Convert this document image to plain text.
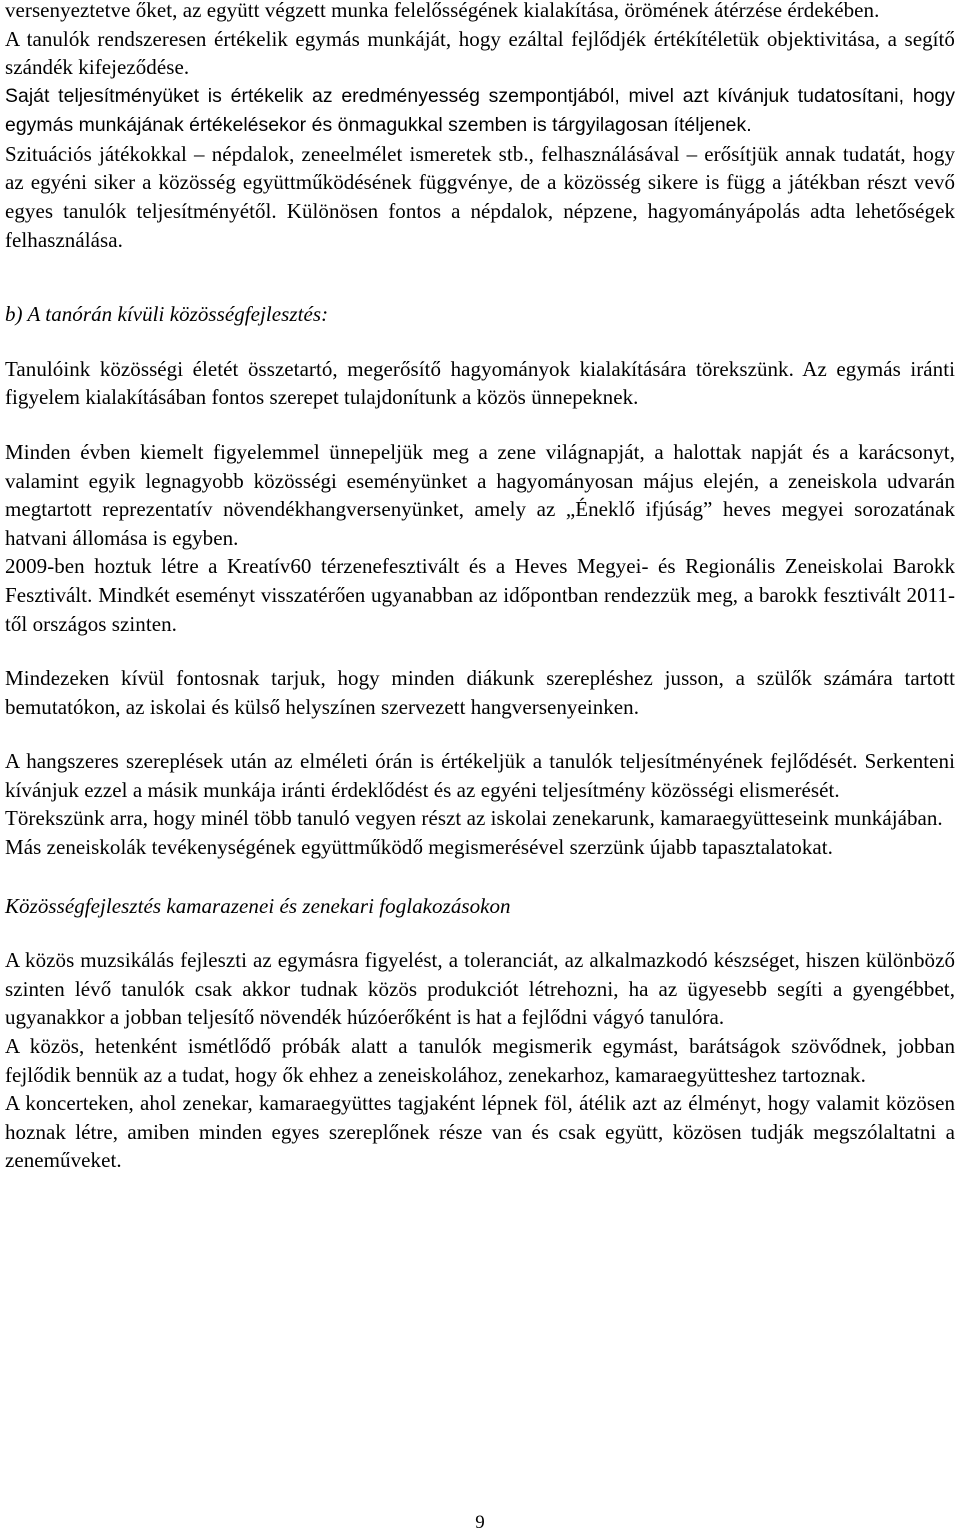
versenyeztetve őket, az együtt végzett munka felelősségének kialakítása, örömének átérzése érdekében.

A tanulók rendszeresen értékelik egymás munkáját, hogy ezáltal fejlődjék értékítéletük objektivitása, a segítő szándék kifejeződése.

Saját teljesítményüket is értékelik az eredményesség szempontjából, mivel azt kívánjuk tudatosítani, hogy egymás munkájának értékelésekor és önmagukkal szemben is tárgyilagosan ítéljenek.

Szituációs játékokkal – népdalok, zeneelmélet ismeretek stb., felhasználásával – erősítjük annak tudatát, hogy az egyéni siker a közösség együttműködésének függvénye, de a közösség sikere is függ a játékban részt vevő egyes tanulók teljesítményétől. Különösen fontos a népdalok, népzene, hagyományápolás adta lehetőségek felhasználása.

b) A tanórán kívüli közösségfejlesztés:

Tanulóink közösségi életét összetartó, megerősítő hagyományok kialakítására törekszünk. Az egymás iránti figyelem kialakításában fontos szerepet tulajdonítunk a közös ünnepeknek.

Minden évben kiemelt figyelemmel ünnepeljük meg a zene világnapját, a halottak napját és a karácsonyt, valamint egyik legnagyobb közösségi eseményünket a hagyományosan május elején, a zeneiskola udvarán megtartott reprezentatív növendékhangversenyünket, amely az „Éneklő ifjúság” heves megyei sorozatának hatvani állomása is egyben.

2009-ben hoztuk létre a Kreatív60 térzenefesztivált és a Heves Megyei- és Regionális Zeneiskolai Barokk Fesztivált. Mindkét eseményt visszatérően ugyanabban az időpontban rendezzük meg, a barokk fesztivált 2011-től országos szinten.

Mindezeken kívül fontosnak tarjuk, hogy minden diákunk szerepléshez jusson, a szülők számára tartott bemutatókon, az iskolai és külső helyszínen szervezett hangversenyeinken.

A hangszeres szereplések után az elméleti órán is értékeljük a tanulók teljesítményének fejlődését. Serkenteni kívánjuk ezzel a másik munkája iránti érdeklődést és az egyéni teljesítmény közösségi elismerését.

Törekszünk arra, hogy minél több tanuló vegyen részt az iskolai zenekarunk, kamaraegyütteseink munkájában.

Más zeneiskolák tevékenységének együttműködő megismerésével szerzünk újabb tapasztalatokat.

Közösségfejlesztés kamarazenei és zenekari foglakozásokon

A közös muzsikálás fejleszti az egymásra figyelést, a toleranciát, az alkalmazkodó készséget, hiszen különböző szinten lévő tanulók csak akkor tudnak közös produkciót létrehozni, ha az ügyesebb segíti a gyengébbet, ugyanakkor a jobban teljesítő növendék húzóerőként is hat a fejlődni vágyó tanulóra.

A közös, hetenként ismétlődő próbák alatt a tanulók megismerik egymást, barátságok szövődnek, jobban fejlődik bennük az a tudat, hogy ők ehhez a zeneiskolához, zenekarhoz, kamaraegyütteshez tartoznak.

A koncerteken, ahol zenekar, kamaraegyüttes tagjaként lépnek föl, átélik azt az élményt, hogy valamit közösen hoznak létre, amiben minden egyes szereplőnek része van és csak együtt, közösen tudják megszólaltatni a zeneműveket.

9
